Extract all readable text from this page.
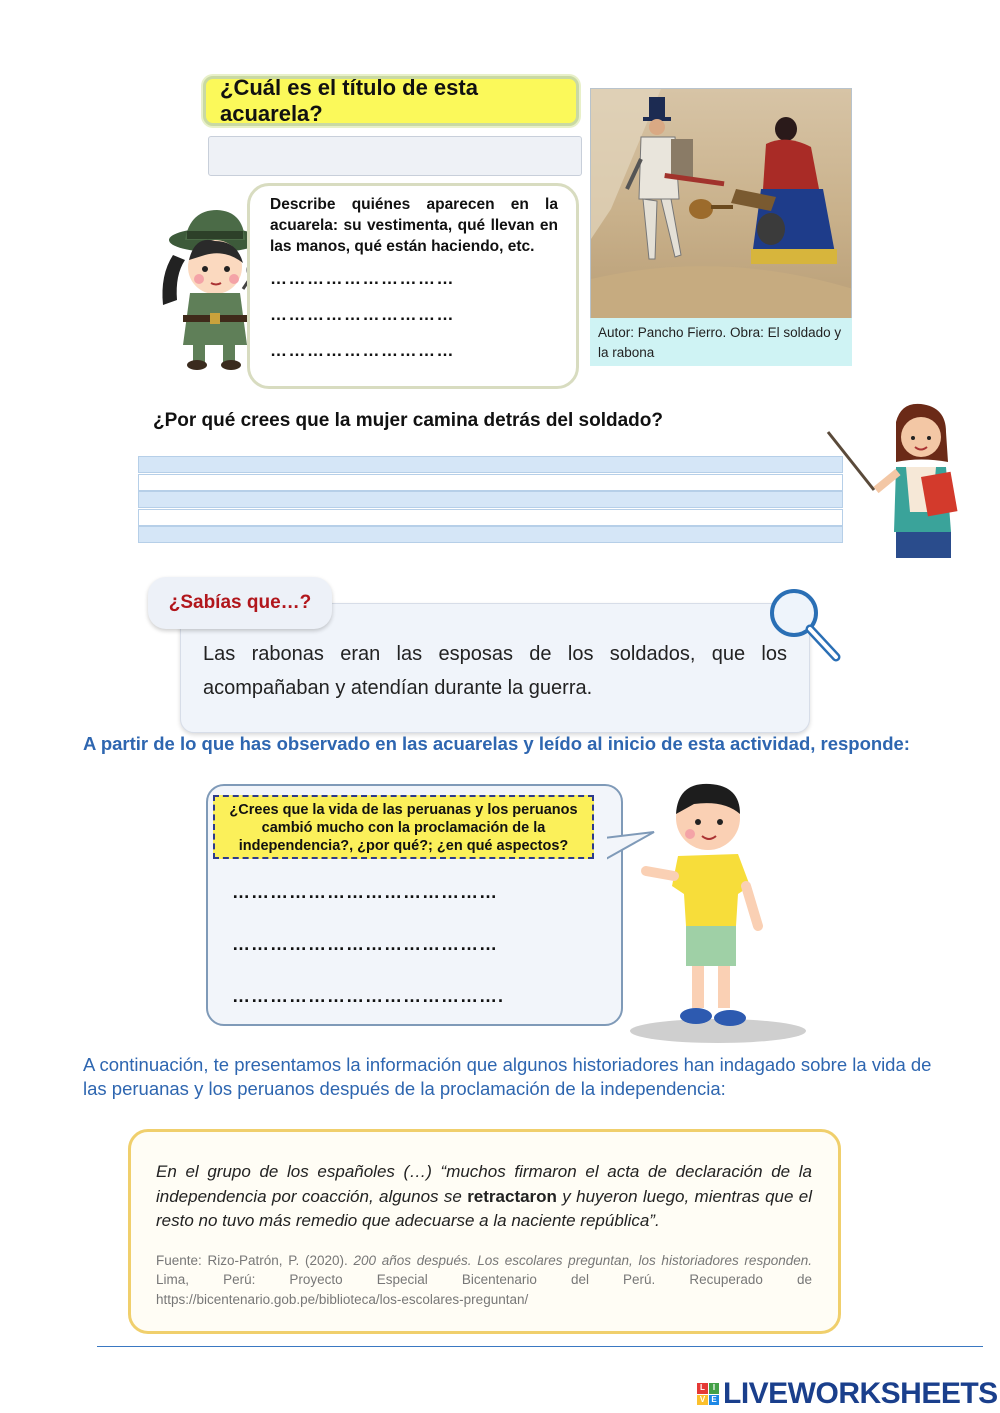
¿Cuál es el título de esta acuarela?
Describe quiénes aparecen en la acuarela: su vestimenta, qué llevan en las manos, qué están haciendo, etc.
…………………………
…………………………
…………………………
Autor: Pancho Fierro. Obra: El soldado y la rabona
¿Por qué crees que la mujer camina detrás del soldado?
¿Sabías que…?
Las rabonas eran las esposas de los soldados, que los acompañaban y atendían durante la guerra.
A partir de lo que has observado en las acuarelas y leído al inicio de esta actividad, responde:
¿Crees que la vida de las peruanas y los peruanos cambió mucho con la proclamación de la independencia?, ¿por qué?; ¿en qué aspectos?
……………………………………
……………………………………
…………………………………….
A continuación, te presentamos la información que algunos historiadores han indagado sobre la vida de las peruanas y los peruanos después de la proclamación de la independencia:
En el grupo de los españoles (…) “muchos firmaron el acta de declaración de la independencia por coacción, algunos se retractaron y huyeron luego, mientras que el resto no tuvo más remedio que adecuarse a la naciente república”.
Fuente: Rizo-Patrón, P. (2020). 200 años después. Los escolares preguntan, los historiadores responden. Lima, Perú: Proyecto Especial Bicentenario del Perú. Recuperado de https://bicentenario.gob.pe/biblioteca/los-escolares-preguntan/
L	I
V E LIVEWORKSHEETS
